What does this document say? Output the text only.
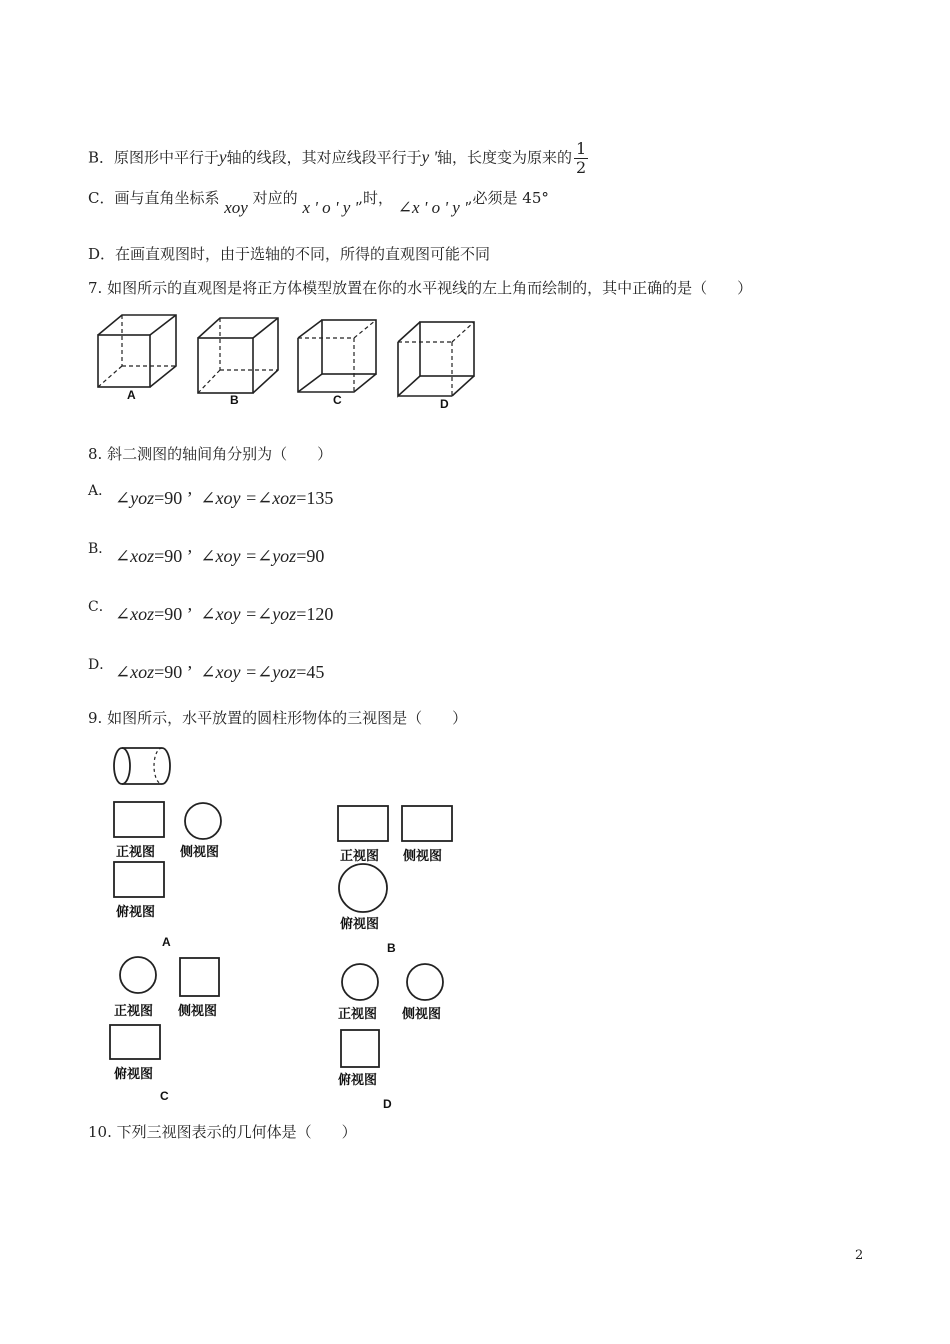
B．原图形中平行于y轴的线段，其对应线段平行于y '轴，长度变为原来的 $\frac{1}{2}$
C．画与直角坐标系 xoy 对应的 x ' o ' y ',时， ∠x ' o ' y ',必须是 45°
D．在画直观图时，由于选轴的不同，所得的直观图可能不同
7. 如图所示的直观图是将正方体模型放置在你的水平视线的左上角而绘制的，其中正确的是（　　）
A	B	C	D
8. 斜二测图的轴间角分别为（　　）
A． ∠yoz=90 ’  ∠xoy =∠xoz=135
B． ∠xoz=90 ’  ∠xoy =∠yoz=90
C． ∠xoz=90 ’  ∠xoy =∠yoz=120
D． ∠xoz=90 ’  ∠xoy =∠yoz=45
9. 如图所示，水平放置的圆柱形物体的三视图是（　　）
正视图 侧视图
俯视图
A
正视图 侧视图
俯视图
B
正视图 侧视图
俯视图
C
正视图 侧视图
俯视图
D
10. 下列三视图表示的几何体是（　　）
2
